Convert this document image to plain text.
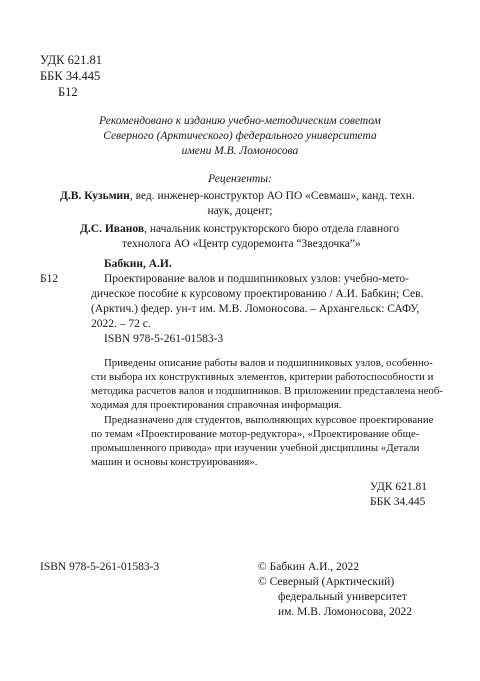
УДК 621.81
ББК 34.445
Б12
Рекомендовано к изданию учебно-методическим советом
Северного (Арктического) федерального университета
имени М.В. Ломоносова
Рецензенты:
Д.В. Кузьмин, вед. инженер-конструктор АО ПО «Севмаш», канд. техн.
наук, доцент;
Д.С. Иванов, начальник конструкторского бюро отдела главного
технолога АО «Центр судоремонта “Звездочка”»
Б12
Бабкин, А.И.
Проектирование валов и подшипниковых узлов: учебно-мето-
дическое пособие к курсовому проектированию / А.И. Бабкин; Сев.
(Арктич.) федер. ун-т им. М.В. Ломоносова. – Архангельск: САФУ,
2022. – 72 с.
ISBN 978-5-261-01583-3
Приведены описание работы валов и подшипниковых узлов, особенно-
сти выбора их конструктивных элементов, критерии работоспособности и
методика расчетов валов и подшипников. В приложении представлена необ-
ходимая для проектирования справочная информация.
Предназначено для студентов, выполняющих курсовое проектирование
по темам «Проектирование мотор-редуктора», «Проектирование обще-
промышленного привода» при изучении учебной дисциплины «Детали
машин и основы конструирования».
УДК 621.81
ББК 34.445
ISBN 978-5-261-01583-3	© Бабкин А.И., 2022
© Северный (Арктический)
федеральный университет
им. М.В. Ломоносова, 2022
